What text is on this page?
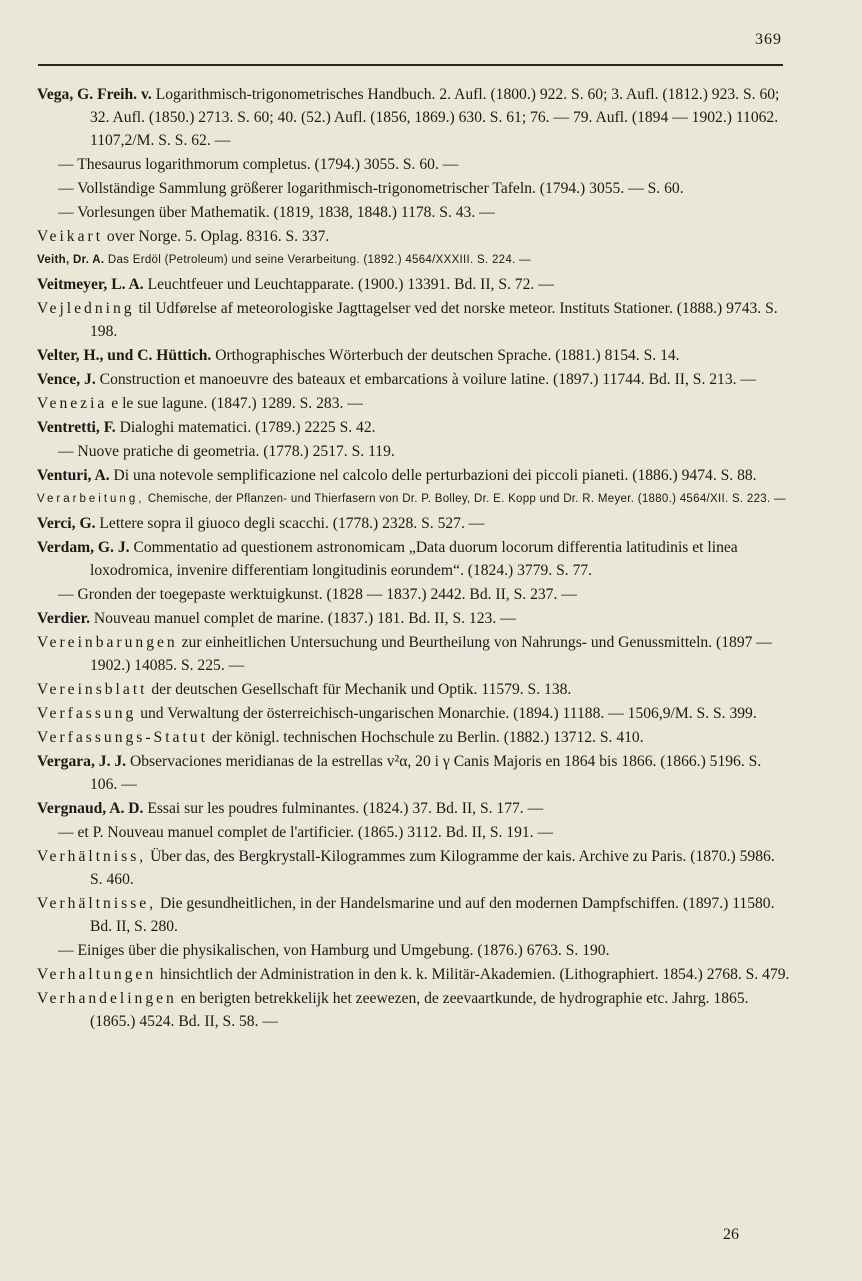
369
Vega, G. Freih. v. Logarithmisch-trigonometrisches Handbuch. 2. Aufl. (1800.) 922. S. 60; 3. Aufl. (1812.) 923. S. 60; 32. Aufl. (1850.) 2713. S. 60; 40. (52.) Aufl. (1856, 1869.) 630. S. 61; 76. — 79. Aufl. (1894 — 1902.) 11062. 1107,2/M. S. S. 62. —
— Thesaurus logarithmorum completus. (1794.) 3055. S. 60. —
— Vollständige Sammlung größerer logarithmisch-trigonometrischer Tafeln. (1794.) 3055. — S. 60.
— Vorlesungen über Mathematik. (1819, 1838, 1848.) 1178. S. 43. —
Veikart over Norge. 5. Oplag. 8316. S. 337.
Veith, Dr. A. Das Erdöl (Petroleum) und seine Verarbeitung. (1892.) 4564/XXXIII. S. 224. —
Veitmeyer, L. A. Leuchtfeuer und Leuchtapparate. (1900.) 13391. Bd. II, S. 72. —
Vejledning til Udførelse af meteorologiske Jagttagelser ved det norske meteor. Instituts Stationer. (1888.) 9743. S. 198.
Velter, H., und C. Hüttich. Orthographisches Wörterbuch der deutschen Sprache. (1881.) 8154. S. 14.
Vence, J. Construction et manoeuvre des bateaux et embarcations à voilure latine. (1897.) 11744. Bd. II, S. 213. —
Venezia e le sue lagune. (1847.) 1289. S. 283. —
Ventretti, F. Dialoghi matematici. (1789.) 2225 S. 42.
— Nuove pratiche di geometria. (1778.) 2517. S. 119.
Venturi, A. Di una notevole semplificazione nel calcolo delle perturbazioni dei piccoli pianeti. (1886.) 9474. S. 88.
Verarbeitung, Chemische, der Pflanzen- und Thierfasern von Dr. P. Bolley, Dr. E. Kopp und Dr. R. Meyer. (1880.) 4564/XII. S. 223. —
Verci, G. Lettere sopra il giuoco degli scacchi. (1778.) 2328. S. 527. —
Verdam, G. J. Commentatio ad questionem astronomicam „Data duorum locorum differentia latitudinis et linea loxodromica, invenire differentiam longitudinis eorundem“. (1824.) 3779. S. 77.
— Gronden der toegepaste werktuigkunst. (1828 — 1837.) 2442. Bd. II, S. 237. —
Verdier. Nouveau manuel complet de marine. (1837.) 181. Bd. II, S. 123. —
Vereinbarungen zur einheitlichen Untersuchung und Beurtheilung von Nahrungs- und Genussmitteln. (1897 — 1902.) 14085. S. 225. —
Vereinsblatt der deutschen Gesellschaft für Mechanik und Optik. 11579. S. 138.
Verfassung und Verwaltung der österreichisch-ungarischen Monarchie. (1894.) 11188. — 1506,9/M. S. S. 399.
Verfassungs-Statut der königl. technischen Hochschule zu Berlin. (1882.) 13712. S. 410.
Vergara, J. J. Observaciones meridianas de la estrellas v²α, 20 i γ Canis Majoris en 1864 bis 1866. (1866.) 5196. S. 106. —
Vergnaud, A. D. Essai sur les poudres fulminantes. (1824.) 37. Bd. II, S. 177. —
— et P. Nouveau manuel complet de l'artificier. (1865.) 3112. Bd. II, S. 191. —
Verhältniss, Über das, des Bergkrystall-Kilogrammes zum Kilogramme der kais. Archive zu Paris. (1870.) 5986. S. 460.
Verhältnisse, Die gesundheitlichen, in der Handelsmarine und auf den modernen Dampfschiffen. (1897.) 11580. Bd. II, S. 280.
— Einiges über die physikalischen, von Hamburg und Umgebung. (1876.) 6763. S. 190.
Verhaltungen hinsichtlich der Administration in den k. k. Militär-Akademien. (Lithographiert. 1854.) 2768. S. 479.
Verhandelingen en berigten betrekkelijk het zeewezen, de zeevaartkunde, de hydrographie etc. Jahrg. 1865. (1865.) 4524. Bd. II, S. 58. —
26
